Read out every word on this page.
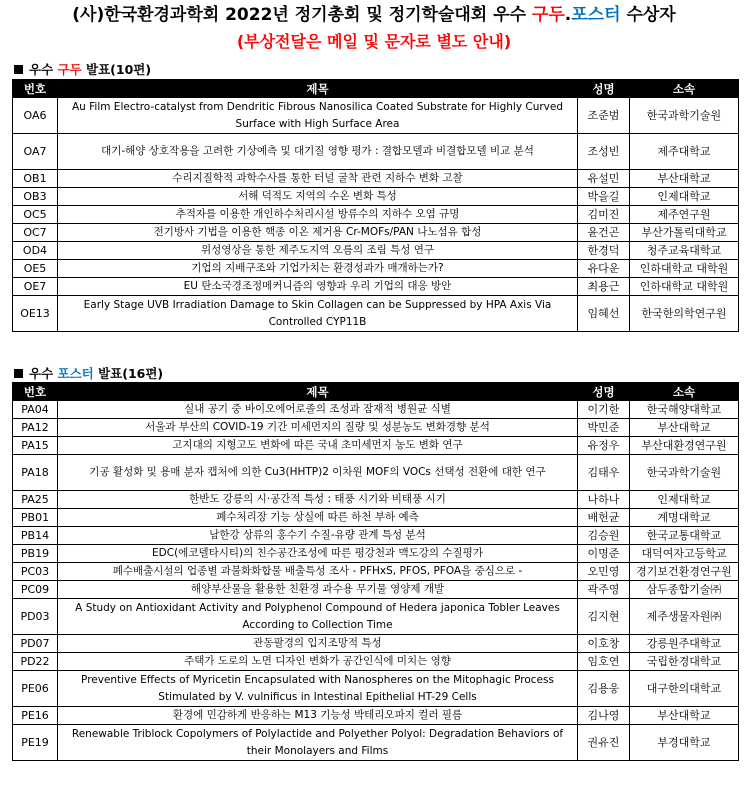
(사)한국환경과학회 2022년 정기총회 및 정기학술대회 우수 구두.포스터 수상자
(부상전달은 메일 및 문자로 별도 안내)
우수 구두 발표(10편)
번호	제목	성명	소속
OA6	Au Film Electro-catalyst from Dendritic Fibrous Nanosilica Coated Substrate for Highly Curved Surface with High Surface Area	조준범	한국과학기술원
OA7	대기-해양 상호작용을 고려한 기상예측 및 대기질 영향 평가 : 결합모델과 비결합모델 비교 분석	조성빈	제주대학교
OB1	수리지질학적 과학수사를 통한 터널 굴착 관련 지하수 변화 고찰	유설민	부산대학교
OB3	서해 덕적도 지역의 수온 변화 특성	박을길	인제대학교
OC5	추적자를 이용한 개인하수처리시설 방류수의 지하수 오염 규명	김미진	제주연구원
OC7	전기방사 기법을 이용한 핵종 이온 제거용 Cr-MOFs/PAN 나노섬유 합성	윤건곤	부산가톨릭대학교
OD4	위성영상을 통한 제주도지역 오름의 조림 특성 연구	한경덕	청주교육대학교
OE5	기업의 지배구조와 기업가치는 환경성과가 매개하는가?	유다운	인하대학교 대학원
OE7	EU 탄소국경조정메커니즘의 영향과 우리 기업의 대응 방안	최용근	인하대학교 대학원
OE13	Early Stage UVB Irradiation Damage to Skin Collagen can be Suppressed by HPA Axis Via Controlled CYP11B	임혜선	한국한의학연구원
우수 포스터 발표(16편)
번호	제목	성명	소속
PA04	실내 공기 중 바이오에어로졸의 조성과 잠재적 병원균 식별	이기한	한국해양대학교
PA12	서울과 부산의 COVID-19 기간 미세먼지의 질량 및 성분농도 변화경향 분석	박민준	부산대학교
PA15	고지대의 지형고도 변화에 따른 국내 초미세먼지 농도 변화 연구	유정우	부산대환경연구원
PA18	기공 활성화 및 용매 분자 캡처에 의한 Cu3(HHTP)2 이차원 MOF의 VOCs 선택성 전환에 대한 연구	김태우	한국과학기술원
PA25	한반도 강릉의 시·공간적 특성 : 태풍 시기와 비태풍 시기	나하나	인제대학교
PB01	폐수처리장 기능 상실에 따른 하천 부하 예측	배헌균	계명대학교
PB14	남한강 상류의 홍수기 수질-유량 관계 특성 분석	김승원	한국교통대학교
PB19	EDC(에코델타시티)의 친수공간조성에 따른 평강천과 맥도강의 수질평가	이명준	대덕여자고등학교
PC03	폐수배출시설의 업종별 과불화화합물 배출특성 조사 - PFHxS, PFOS, PFOA을 중심으로 -	오민영	경기보건환경연구원
PC09	해양부산물을 활용한 친환경 과수용 무기물 영양제 개발	곽주영	삼두종합기술㈜
PD03	A Study on Antioxidant Activity and Polyphenol Compound of Hedera japonica Tobler Leaves According to Collection Time	김지현	제주생물자원㈜
PD07	관동팔경의 입지조망적 특성	이호창	강릉원주대학교
PD22	주택가 도로의 노면 디자인 변화가 공간인식에 미치는 영향	임호연	국립한경대학교
PE06	Preventive Effects of Myricetin Encapsulated with Nanospheres on the Mitophagic Process Stimulated by V. vulnificus in Intestinal Epithelial HT-29 Cells	김용웅	대구한의대학교
PE16	환경에 민감하게 반응하는 M13 기능성 박테리오파지 컬러 필름	김나영	부산대학교
PE19	Renewable Triblock Copolymers of Polylactide and Polyether Polyol: Degradation Behaviors of their Monolayers and Films	권유진	부경대학교
